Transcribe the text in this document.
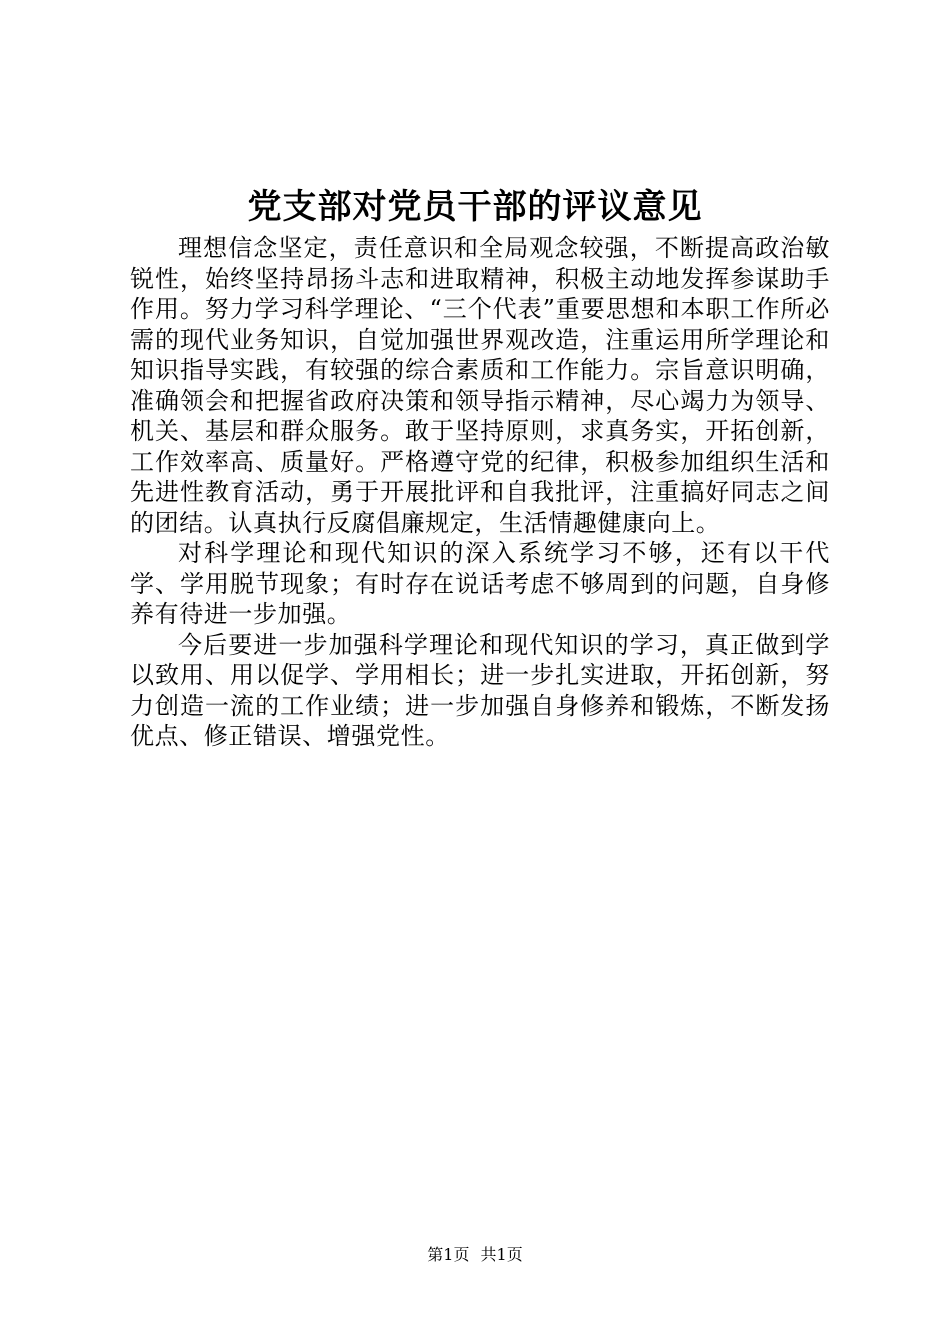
党支部对党员干部的评议意见

理想信念坚定，责任意识和全局观念较强，不断提高政治敏锐性，始终坚持昂扬斗志和进取精神，积极主动地发挥参谋助手作用。努力学习科学理论、“三个代表”重要思想和本职工作所必需的现代业务知识，自觉加强世界观改造，注重运用所学理论和知识指导实践，有较强的综合素质和工作能力。宗旨意识明确，准确领会和把握省政府决策和领导指示精神，尽心竭力为领导、机关、基层和群众服务。敢于坚持原则，求真务实，开拓创新，工作效率高、质量好。严格遵守党的纪律，积极参加组织生活和先进性教育活动，勇于开展批评和自我批评，注重搞好同志之间的团结。认真执行反腐倡廉规定，生活情趣健康向上。

对科学理论和现代知识的深入系统学习不够，还有以干代学、学用脱节现象；有时存在说话考虑不够周到的问题，自身修养有待进一步加强。

今后要进一步加强科学理论和现代知识的学习，真正做到学以致用、用以促学、学用相长；进一步扎实进取，开拓创新，努力创造一流的工作业绩；进一步加强自身修养和锻炼，不断发扬优点、修正错误、增强党性。

第1页 共1页
